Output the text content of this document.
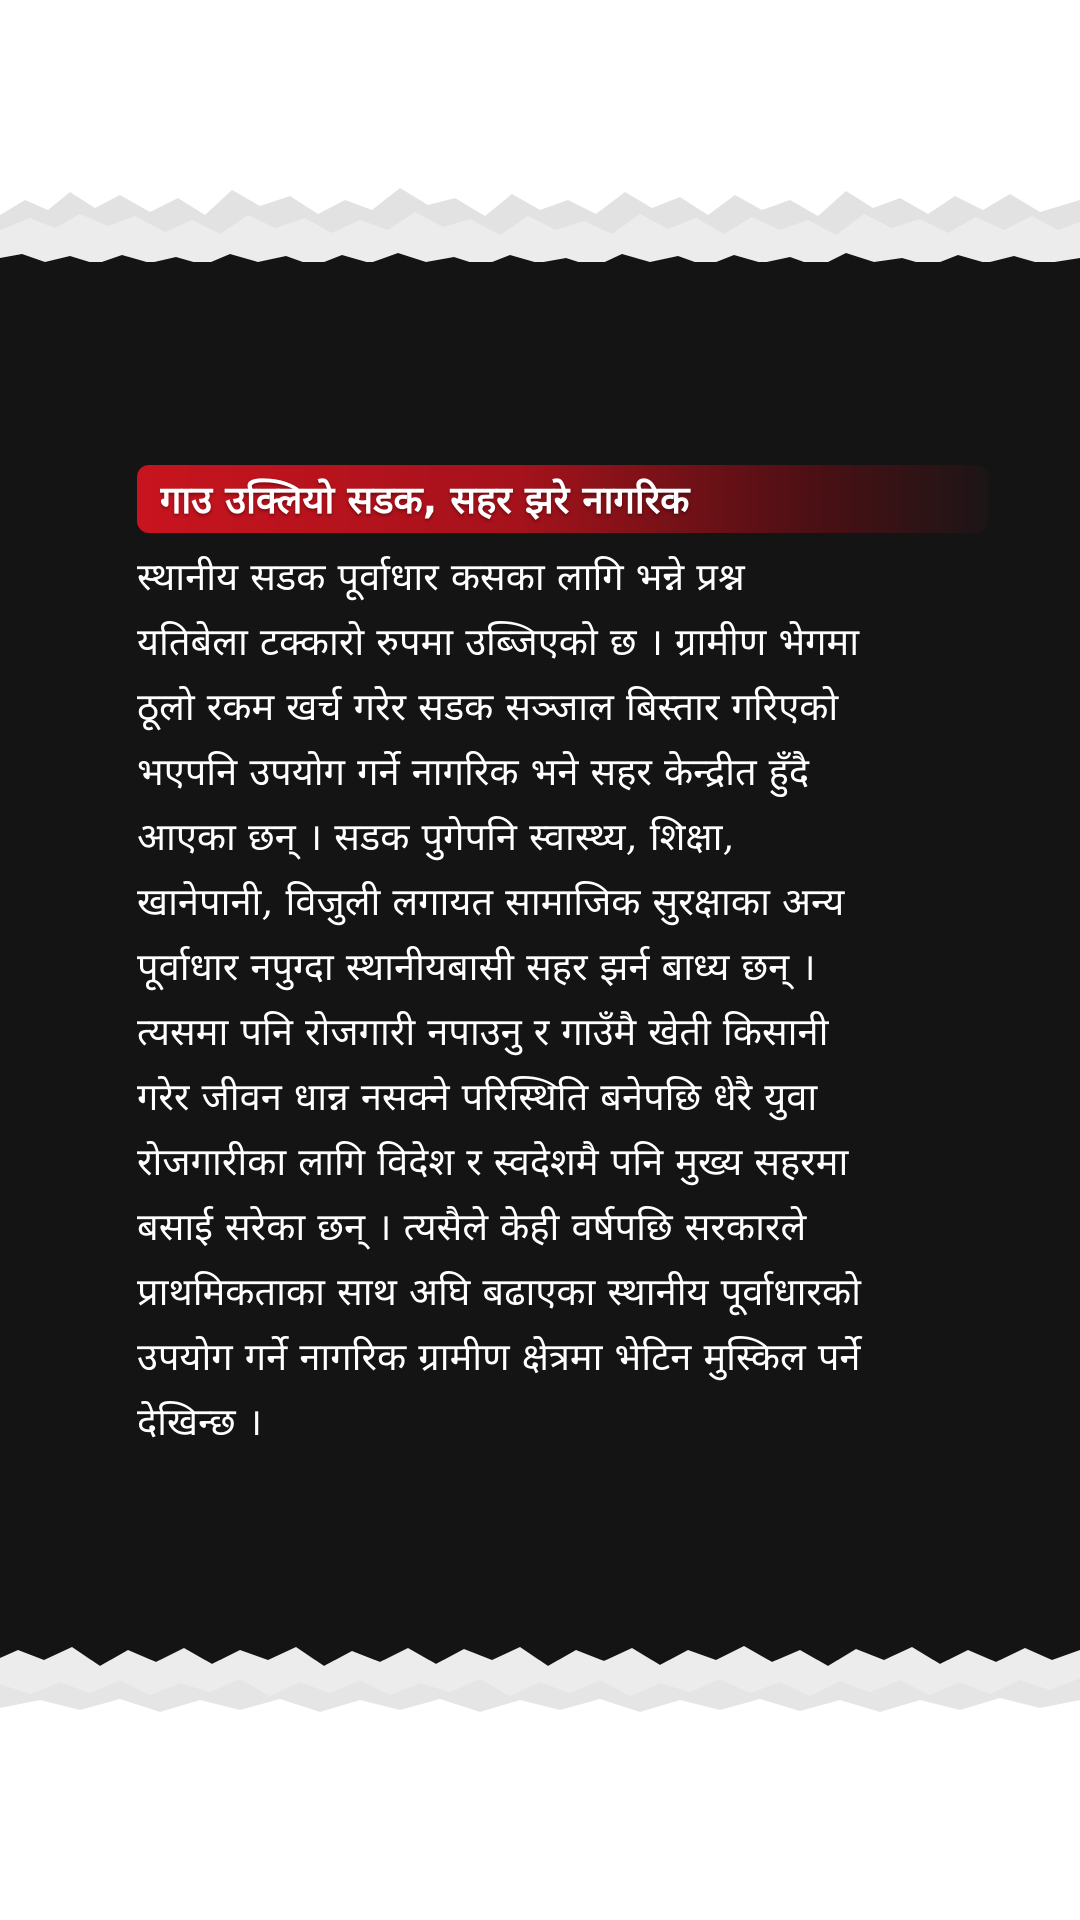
गाउ उक्लियो सडक, सहर झरे नागरिक
स्थानीय सडक पूर्वाधार कसका लागि भन्ने प्रश्न
यतिबेला टक्कारो रुपमा उब्जिएको छ । ग्रामीण भेगमा
ठूलो रकम खर्च गरेर सडक सञ्जाल बिस्तार गरिएको
भएपनि उपयोग गर्ने नागरिक भने सहर केन्द्रीत हुँदै
आएका छन् । सडक पुगेपनि स्वास्थ्य, शिक्षा,
खानेपानी, विजुली लगायत सामाजिक सुरक्षाका अन्य
पूर्वाधार नपुग्दा स्थानीयबासी सहर झर्न बाध्य छन् ।
त्यसमा पनि रोजगारी नपाउनु र गाउँमै खेती किसानी
गरेर जीवन धान्न नसक्ने परिस्थिति बनेपछि धेरै युवा
रोजगारीका लागि विदेश र स्वदेशमै पनि मुख्य सहरमा
बसाई सरेका छन् । त्यसैले केही वर्षपछि सरकारले
प्राथमिकताका साथ अघि बढाएका स्थानीय पूर्वाधारको
उपयोग गर्ने नागरिक ग्रामीण क्षेत्रमा भेटिन मुस्किल पर्ने
देखिन्छ ।
